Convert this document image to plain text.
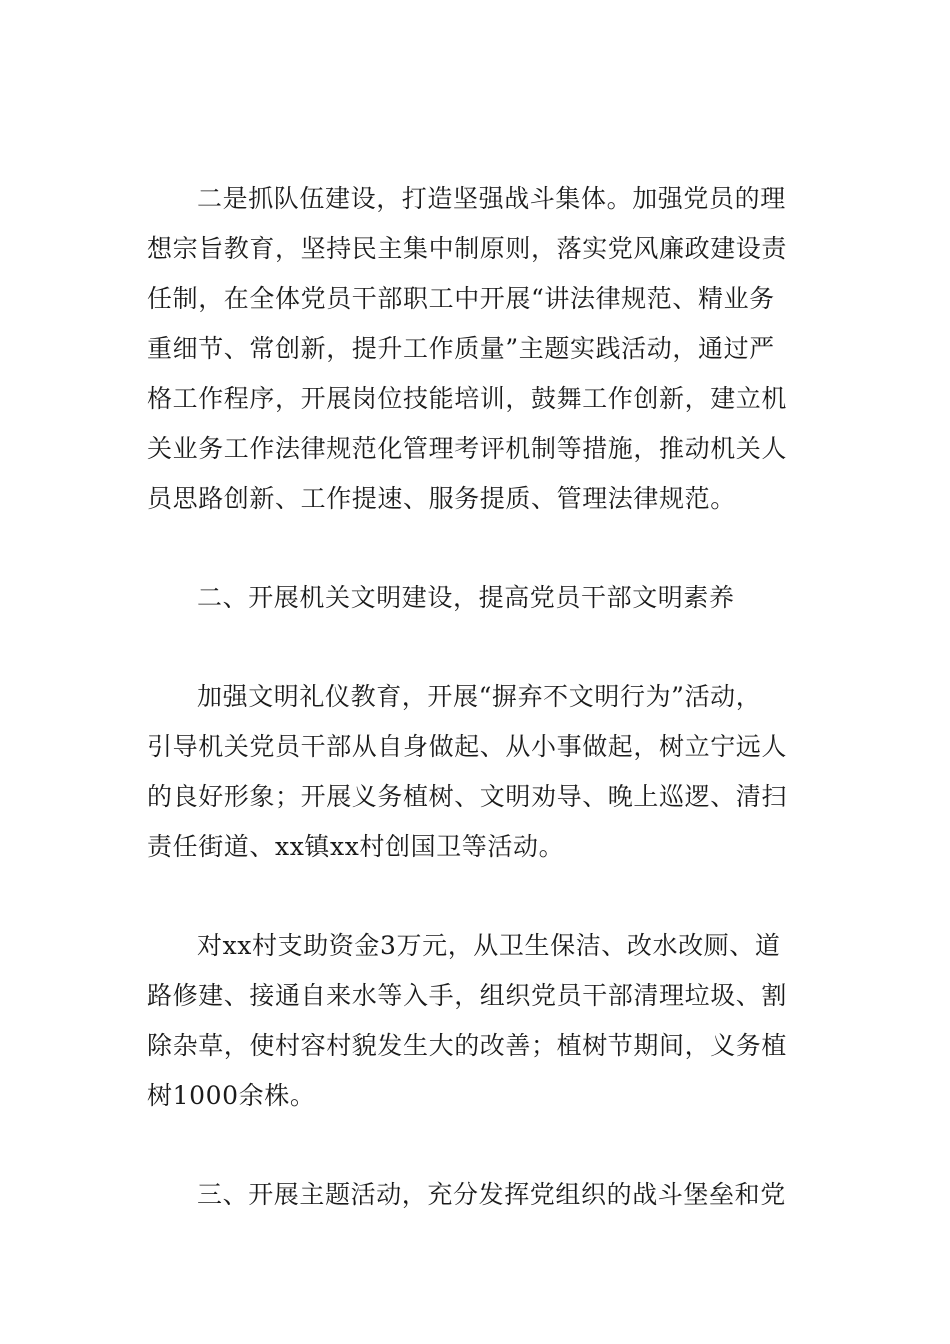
二是抓队伍建设，打造坚强战斗集体。加强党员的理
想宗旨教育，坚持民主集中制原则，落实党风廉政建设责
任制，在全体党员干部职工中开展“讲法律规范、精业务
重细节、常创新，提升工作质量”主题实践活动，通过严
格工作程序，开展岗位技能培训，鼓舞工作创新，建立机
关业务工作法律规范化管理考评机制等措施，推动机关人
员思路创新、工作提速、服务提质、管理法律规范。
二、开展机关文明建设，提高党员干部文明素养
加强文明礼仪教育，开展“摒弃不文明行为”活动，
引导机关党员干部从自身做起、从小事做起，树立宁远人
的良好形象；开展义务植树、文明劝导、晚上巡逻、清扫
责任街道、xx镇xx村创国卫等活动。
对xx村支助资金3万元，从卫生保洁、改水改厕、道
路修建、接通自来水等入手，组织党员干部清理垃圾、割
除杂草，使村容村貌发生大的改善；植树节期间，义务植
树1000余株。
三、开展主题活动，充分发挥党组织的战斗堡垒和党
